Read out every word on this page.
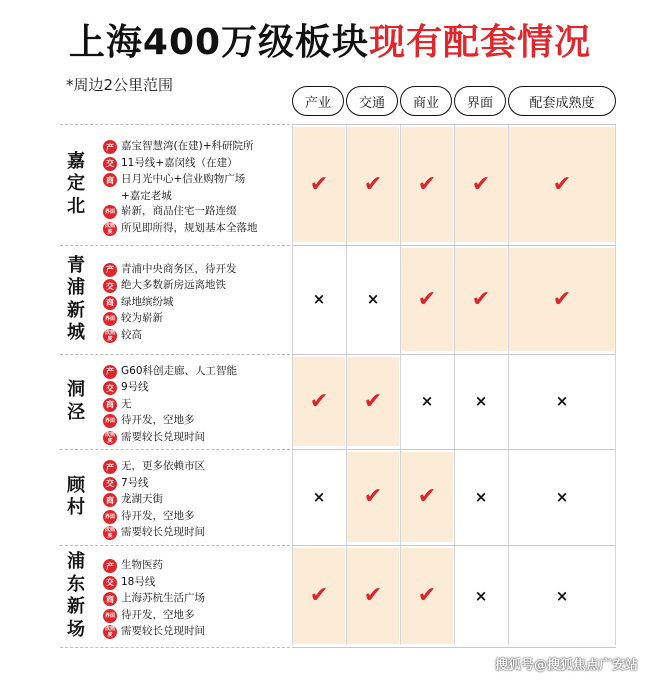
上海400万级板块现有配套情况
*周边2公里范围
产业	交通	商业	界面	配套成熟度
嘉
定
北
产 嘉宝智慧湾(在建)+科研院所
交 11号线+嘉闵线（在建）
商 日月光中心+信业购物广场
+嘉定老城
界面 崭新，商品住宅一路连缀
成熟度 所见即所得，规划基本全落地
✔ ✔ ✔ ✔	✔
青
浦
新
城
产 青浦中央商务区，待开发
交 绝大多数新房远离地铁
商 绿地缤纷城
界面 较为崭新
成熟度 较高
×	× ✔ ✔	✔
洞
泾
产 G60科创走廊、人工智能
交 9号线
商 无
界面 待开发，空地多
成熟度 需要较长兑现时间
✔ ✔	×	×	×
顾
村
产 无，更多依赖市区
交 7号线
商 龙湖天街
界面 待开发，空地多
成熟度 需要较长兑现时间
× ✔ ✔	×	×
浦
东
新
场
产 生物医药
交 18号线
商 上海苏杭生活广场
界面 待开发，空地多
成熟度 需要较长兑现时间
✔ ✔ ✔	×	×
搜狐号@搜狐焦点广安站
